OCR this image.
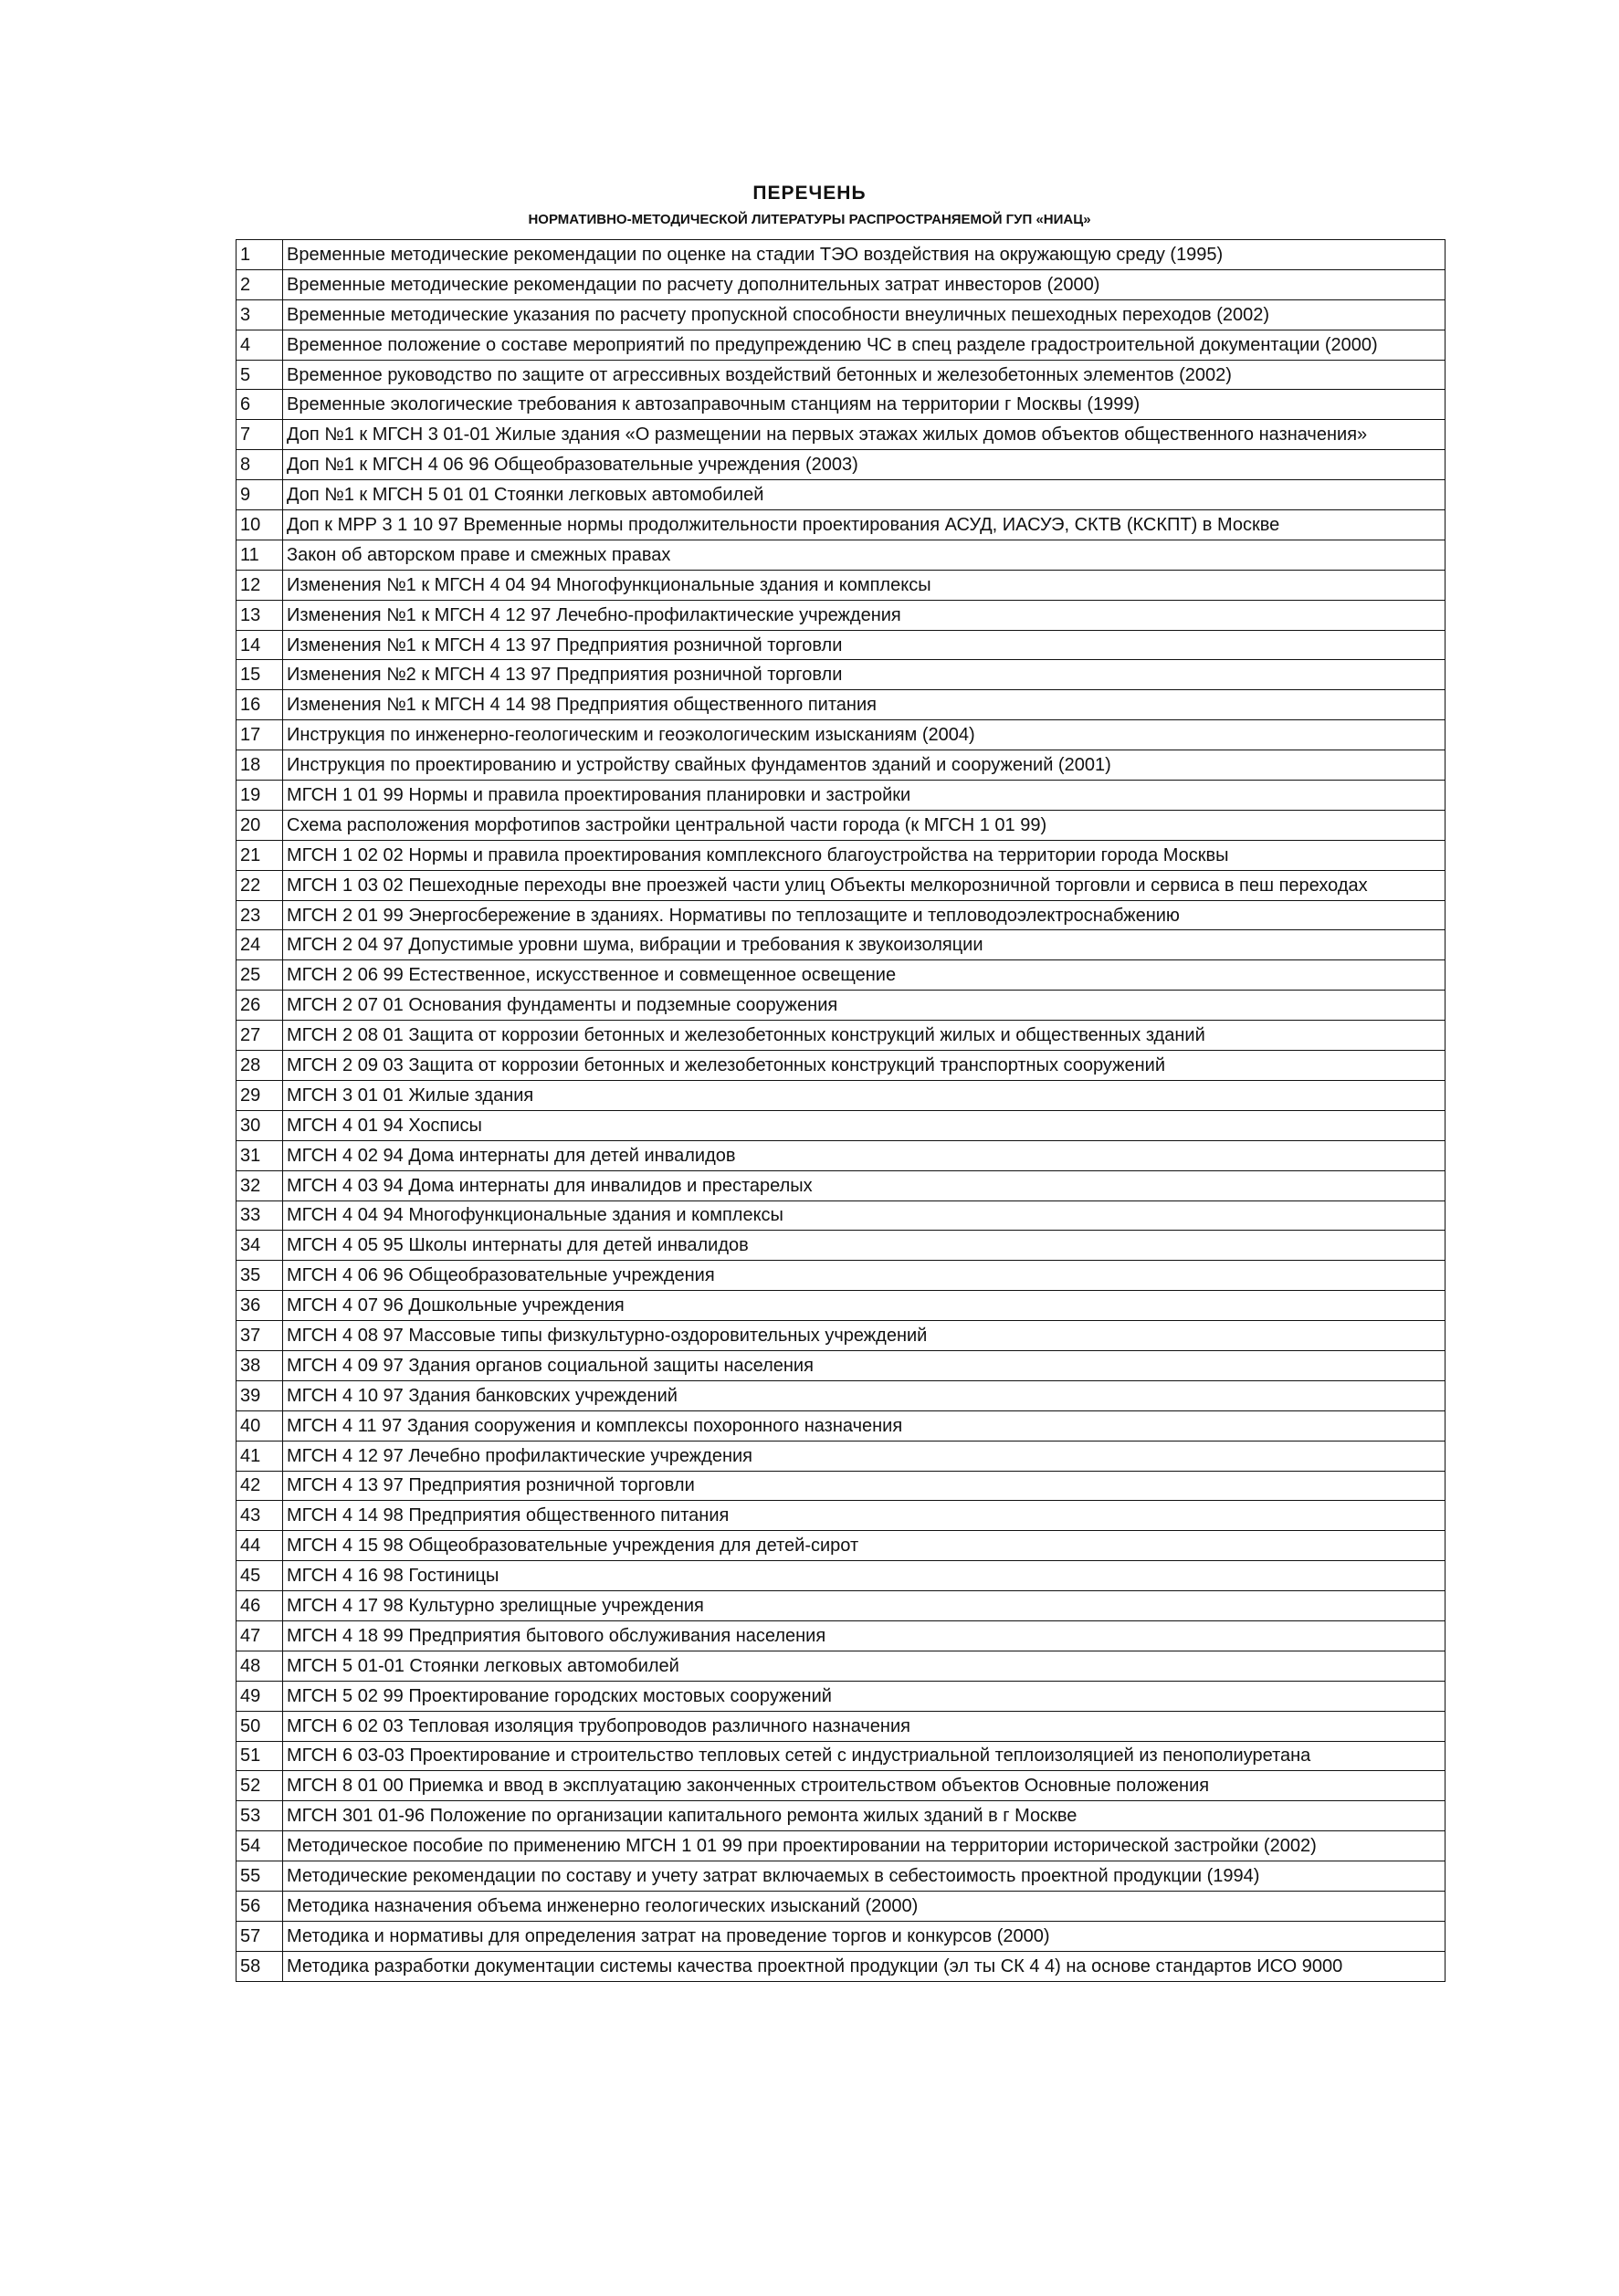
ПЕРЕЧЕНЬ
НОРМАТИВНО-МЕТОДИЧЕСКОЙ ЛИТЕРАТУРЫ РАСПРОСТРАНЯЕМОЙ ГУП «НИАЦ»
1	Временные методические рекомендации по оценке на стадии ТЭО воздействия на окружающую среду (1995)
2	Временные методические рекомендации по расчету дополнительных затрат инвесторов (2000)
3	Временные методические указания по расчету пропускной способности внеуличных пешеходных переходов (2002)
4	Временное положение о составе мероприятий по предупреждению ЧС в спец разделе градостроительной документации (2000)
5	Временное руководство по защите от агрессивных воздействий бетонных и железобетонных элементов (2002)
6	Временные экологические требования к автозаправочным станциям на территории г Москвы (1999)
7	Доп №1 к МГСН 3 01-01 Жилые здания «О размещении на первых этажах жилых домов объектов общественного назначения»
8	Доп №1 к МГСН 4 06 96 Общеобразовательные учреждения (2003)
9	Доп №1 к МГСН 5 01 01 Стоянки легковых автомобилей
10	Доп к МРР 3 1 10 97 Временные нормы продолжительности проектирования АСУД, ИАСУЭ, СКТВ (КСКПТ) в Москве
11	Закон об авторском праве и смежных правах
12	Изменения №1 к МГСН 4 04 94 Многофункциональные здания и комплексы
13	Изменения №1 к МГСН 4 12 97 Лечебно-профилактические учреждения
14	Изменения №1 к МГСН 4 13 97 Предприятия розничной торговли
15	Изменения №2 к МГСН 4 13 97 Предприятия розничной торговли
16	Изменения №1 к МГСН 4 14 98 Предприятия общественного питания
17	Инструкция по инженерно-геологическим и геоэкологическим изысканиям (2004)
18	Инструкция по проектированию и устройству свайных фундаментов зданий и сооружений (2001)
19	МГСН 1 01 99 Нормы и правила проектирования планировки и застройки
20	Схема расположения морфотипов застройки центральной части города (к МГСН 1 01 99)
21	МГСН 1 02 02 Нормы и правила проектирования комплексного благоустройства на территории города Москвы
22	МГСН 1 03 02 Пешеходные переходы вне проезжей части улиц Объекты мелкорозничной торговли и сервиса в пеш переходах
23	МГСН 2 01 99 Энергосбережение в зданиях. Нормативы по теплозащите и тепловодоэлектроснабжению
24	МГСН 2 04 97 Допустимые уровни шума, вибрации и требования к звукоизоляции
25	МГСН 2 06 99 Естественное, искусственное и совмещенное освещение
26	МГСН 2 07 01 Основания фундаменты и подземные сооружения
27	МГСН 2 08 01 Защита от коррозии бетонных и железобетонных конструкций жилых и общественных зданий
28	МГСН 2 09 03 Защита от коррозии бетонных и железобетонных конструкций транспортных сооружений
29	МГСН 3 01 01 Жилые здания
30	МГСН 4 01 94 Хосписы
31	МГСН 4 02 94 Дома интернаты для детей инвалидов
32	МГСН 4 03 94 Дома интернаты для инвалидов и престарелых
33	МГСН 4 04 94 Многофункциональные здания и комплексы
34	МГСН 4 05 95 Школы интернаты для детей инвалидов
35	МГСН 4 06 96 Общеобразовательные учреждения
36	МГСН 4 07 96 Дошкольные учреждения
37	МГСН 4 08 97 Массовые типы физкультурно-оздоровительных учреждений
38	МГСН 4 09 97 Здания органов социальной защиты населения
39	МГСН 4 10 97 Здания банковских учреждений
40	МГСН 4 11 97 Здания сооружения и комплексы похоронного назначения
41	МГСН 4 12 97 Лечебно профилактические учреждения
42	МГСН 4 13 97 Предприятия розничной торговли
43	МГСН 4 14 98 Предприятия общественного питания
44	МГСН 4 15 98 Общеобразовательные учреждения для детей-сирот
45	МГСН 4 16 98 Гостиницы
46	МГСН 4 17 98 Культурно зрелищные учреждения
47	МГСН 4 18 99 Предприятия бытового обслуживания населения
48	МГСН 5 01-01 Стоянки легковых автомобилей
49	МГСН 5 02 99 Проектирование городских мостовых сооружений
50	МГСН 6 02 03 Тепловая изоляция трубопроводов различного назначения
51	МГСН 6 03-03 Проектирование и строительство тепловых сетей с индустриальной теплоизоляцией из пенополиуретана
52	МГСН 8 01 00 Приемка и ввод в эксплуатацию законченных строительством объектов Основные положения
53	МГСН 301 01-96 Положение по организации капитального ремонта жилых зданий в г Москве
54	Методическое пособие по применению МГСН 1 01 99 при проектировании на территории исторической застройки (2002)
55	Методические рекомендации по составу и учету затрат включаемых в себестоимость проектной продукции (1994)
56	Методика назначения объема инженерно геологических изысканий (2000)
57	Методика и нормативы для определения затрат на проведение торгов и конкурсов (2000)
58	Методика разработки документации системы качества проектной продукции (эл ты СК 4 4) на основе стандартов ИСО 9000
